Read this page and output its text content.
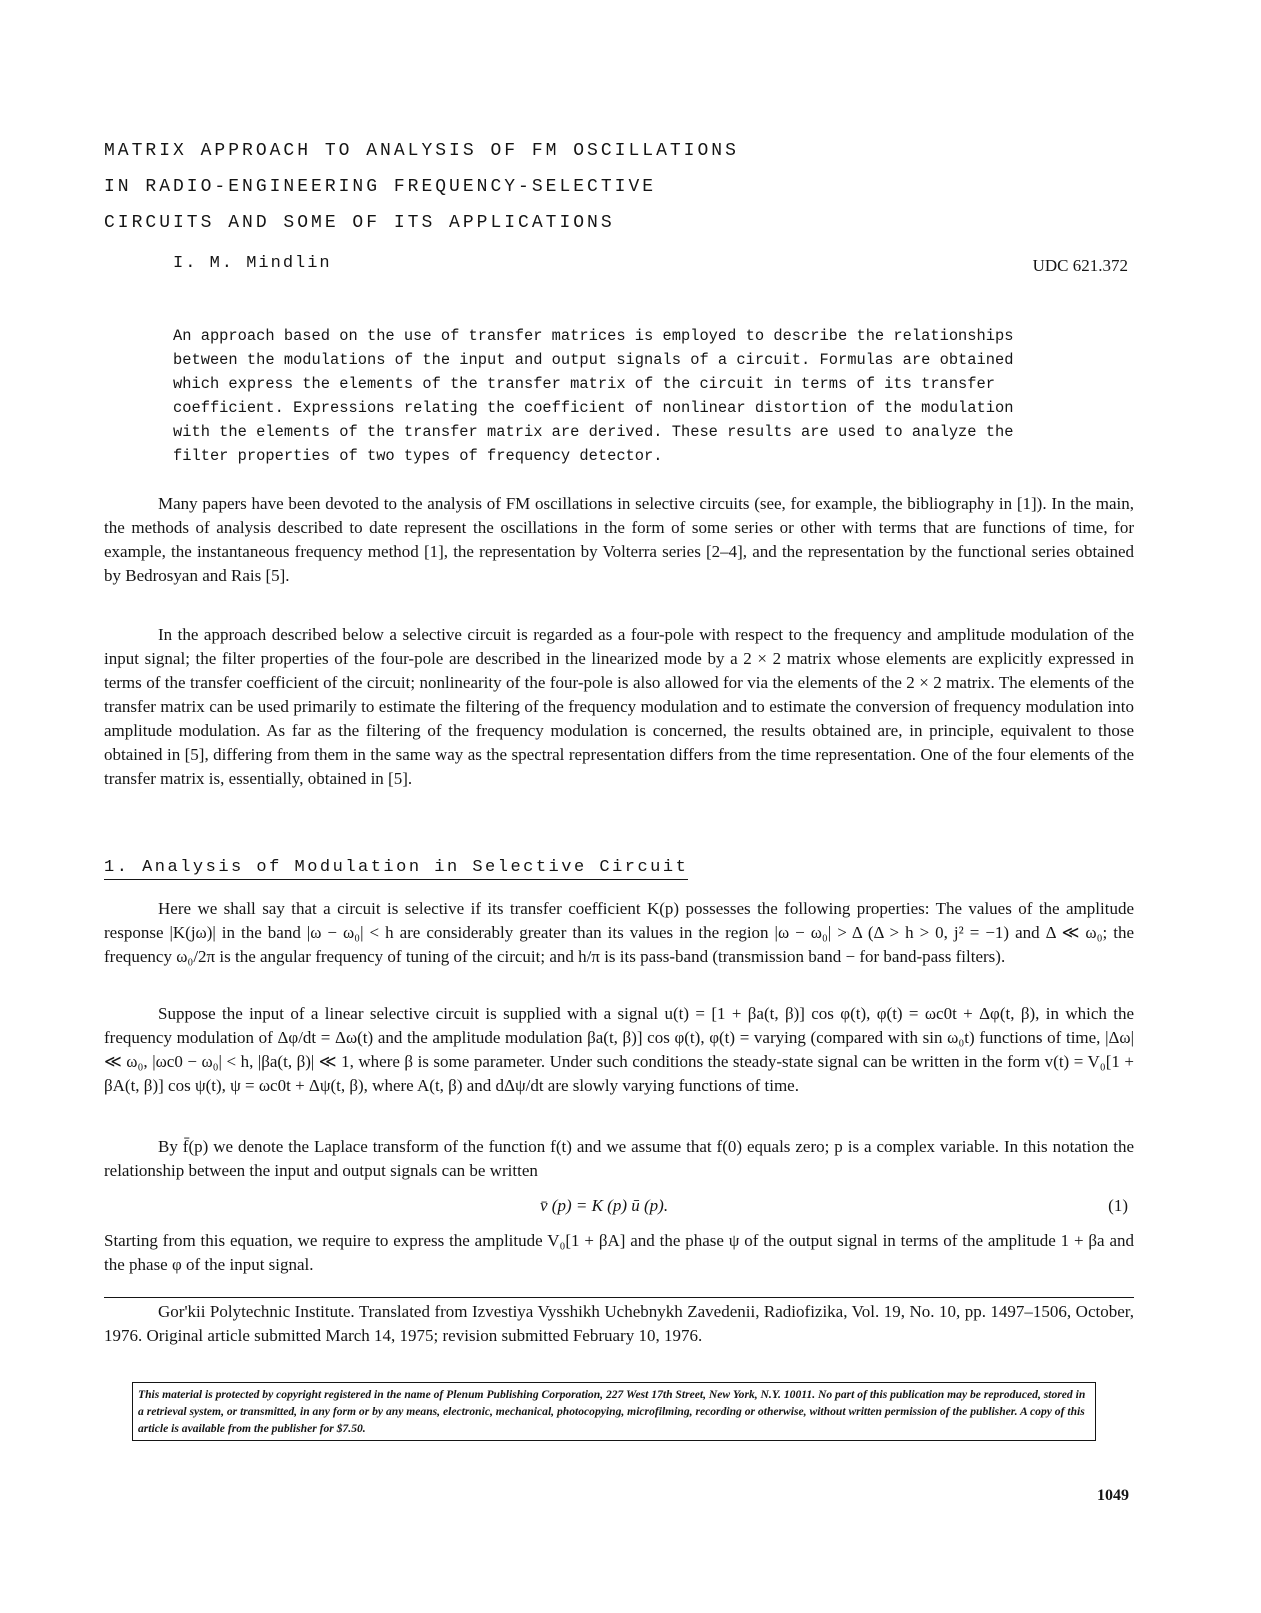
MATRIX APPROACH TO ANALYSIS OF FM OSCILLATIONS
IN RADIO-ENGINEERING FREQUENCY-SELECTIVE
CIRCUITS AND SOME OF ITS APPLICATIONS
I. M. Mindlin	UDC 621.372

An approach based on the use of transfer matrices is employed to describe the relationships between the modulations of the input and output signals of a circuit. Formulas are obtained which express the elements of the transfer matrix of the circuit in terms of its transfer coefficient. Expressions relating the coefficient of nonlinear distortion of the modulation with the elements of the transfer matrix are derived. These results are used to analyze the filter properties of two types of frequency detector.

Many papers have been devoted to the analysis of FM oscillations in selective circuits (see, for example, the bibliography in [1]). In the main, the methods of analysis described to date represent the oscillations in the form of some series or other with terms that are functions of time, for example, the instantaneous frequency method [1], the representation by Volterra series [2–4], and the representation by the functional series obtained by Bedrosyan and Rais [5].

In the approach described below a selective circuit is regarded as a four-pole with respect to the frequency and amplitude modulation of the input signal; the filter properties of the four-pole are described in the linearized mode by a 2 × 2 matrix whose elements are explicitly expressed in terms of the transfer coefficient of the circuit; nonlinearity of the four-pole is also allowed for via the elements of the 2 × 2 matrix. The elements of the transfer matrix can be used primarily to estimate the filtering of the frequency modulation and to estimate the conversion of frequency modulation into amplitude modulation. As far as the filtering of the frequency modulation is concerned, the results obtained are, in principle, equivalent to those obtained in [5], differing from them in the same way as the spectral representation differs from the time representation. One of the four elements of the transfer matrix is, essentially, obtained in [5].

1. Analysis of Modulation in Selective Circuit

Here we shall say that a circuit is selective if its transfer coefficient K(p) possesses the following properties: The values of the amplitude response |K(jω)| in the band |ω − ω₀| < h are considerably greater than its values in the region |ω − ω₀| > Δ (Δ > h > 0, j² = −1) and Δ ≪ ω₀; the frequency ω₀/2π is the angular frequency of tuning of the circuit; and h/π is its pass-band (transmission band − for band-pass filters).

Suppose the input of a linear selective circuit is supplied with a signal u(t) = [1 + βa(t, β)] cos φ(t), φ(t) = ωc0t + Δφ(t, β), in which the frequency modulation of Δφ/dt = Δω(t) and the amplitude modulation βa(t, β)] cos φ(t), φ(t) = varying (compared with sin ω₀t) functions of time, |Δω| ≪ ω₀, |ωc0 − ω₀| < h, |βa(t, β)| ≪ 1, where β is some parameter. Under such conditions the steady-state signal can be written in the form v(t) = V₀[1 + βA(t, β)] cos ψ(t), ψ = ωc0t + Δψ(t, β), where A(t, β) and dΔψ/dt are slowly varying functions of time.

By f̄(p) we denote the Laplace transform of the function f(t) and we assume that f(0) equals zero; p is a complex variable. In this notation the relationship between the input and output signals can be written

v̄ (p) = K (p) ū (p).	(1)

Starting from this equation, we require to express the amplitude V₀[1 + βA] and the phase ψ of the output signal in terms of the amplitude 1 + βa and the phase φ of the input signal.

Gor'kii Polytechnic Institute. Translated from Izvestiya Vysshikh Uchebnykh Zavedenii, Radiofizika, Vol. 19, No. 10, pp. 1497–1506, October, 1976. Original article submitted March 14, 1975; revision submitted February 10, 1976.

This material is protected by copyright registered in the name of Plenum Publishing Corporation, 227 West 17th Street, New York, N.Y. 10011. No part of this publication may be reproduced, stored in a retrieval system, or transmitted, in any form or by any means, electronic, mechanical, photocopying, microfilming, recording or otherwise, without written permission of the publisher. A copy of this article is available from the publisher for $7.50.

1049
